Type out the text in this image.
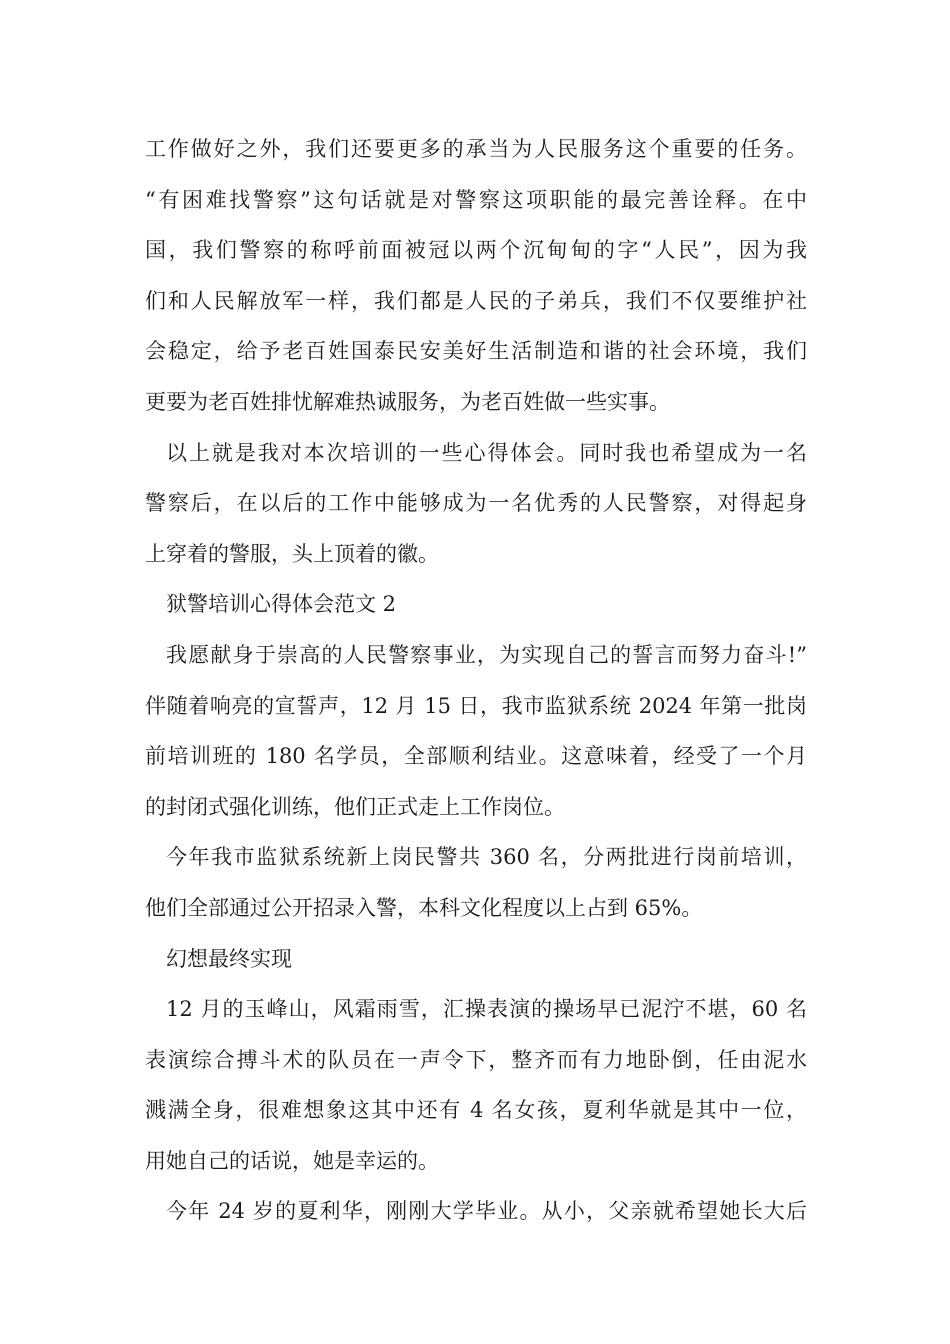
工作做好之外，我们还要更多的承当为人民服务这个重要的任务。
“有困难找警察”这句话就是对警察这项职能的最完善诠释。在中
国，我们警察的称呼前面被冠以两个沉甸甸的字“人民”，因为我
们和人民解放军一样，我们都是人民的子弟兵，我们不仅要维护社
会稳定，给予老百姓国泰民安美好生活制造和谐的社会环境，我们
更要为老百姓排忧解难热诚服务，为老百姓做一些实事。
以上就是我对本次培训的一些心得体会。同时我也希望成为一名
警察后，在以后的工作中能够成为一名优秀的人民警察，对得起身
上穿着的警服，头上顶着的徽。
狱警培训心得体会范文 2
我愿献身于崇高的人民警察事业，为实现自己的誓言而努力奋斗!”
伴随着响亮的宣誓声，12 月 15 日，我市监狱系统 2024 年第一批岗
前培训班的 180 名学员，全部顺利结业。这意味着，经受了一个月
的封闭式强化训练，他们正式走上工作岗位。
今年我市监狱系统新上岗民警共 360 名，分两批进行岗前培训，
他们全部通过公开招录入警，本科文化程度以上占到 65%。
幻想最终实现
12 月的玉峰山，风霜雨雪，汇操表演的操场早已泥泞不堪，60 名
表演综合搏斗术的队员在一声令下，整齐而有力地卧倒，任由泥水
溅满全身，很难想象这其中还有 4 名女孩，夏利华就是其中一位，
用她自己的话说，她是幸运的。
今年 24 岁的夏利华，刚刚大学毕业。从小，父亲就希望她长大后
